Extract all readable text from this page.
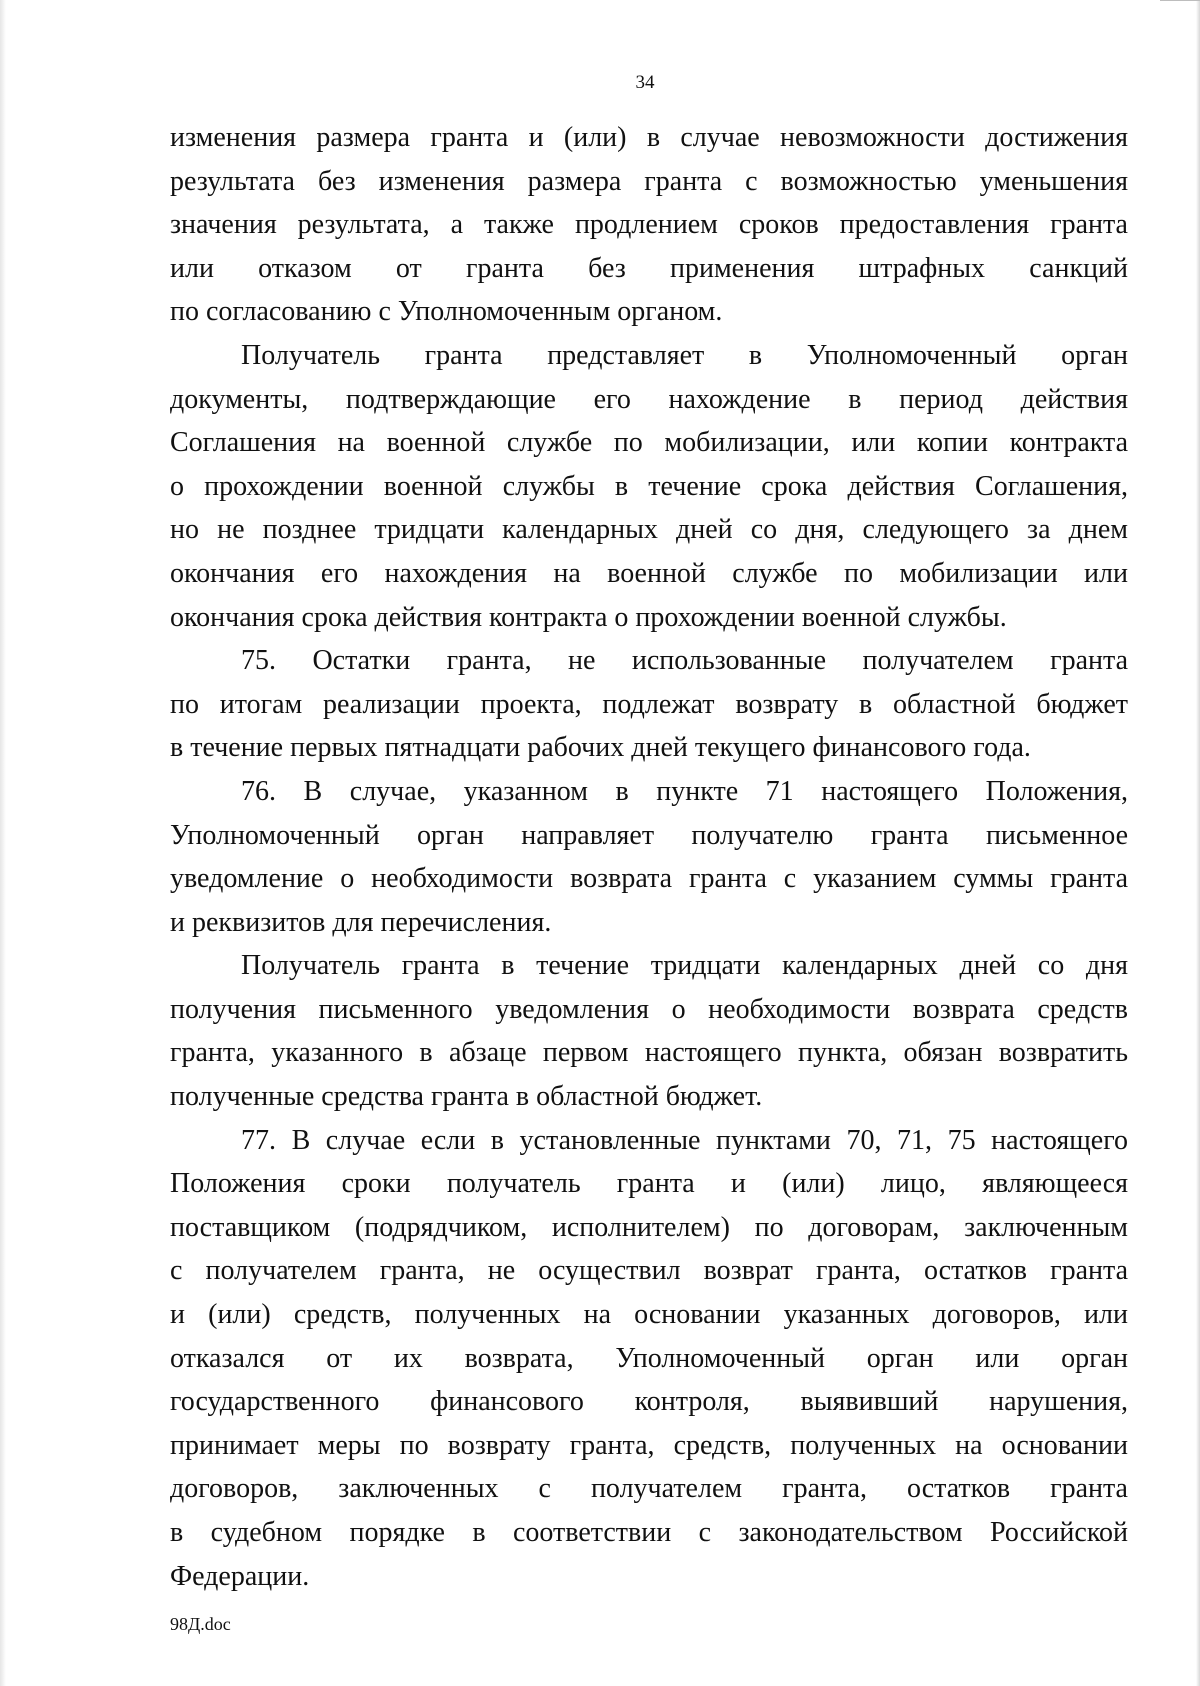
34
изменения размера гранта и (или) в случае невозможности достижения
результата без изменения размера гранта с возможностью уменьшения
значения результата, а также продлением сроков предоставления гранта
или отказом от гранта без применения штрафных санкций
по согласованию с Уполномоченным органом.
Получатель гранта представляет в Уполномоченный орган
документы, подтверждающие его нахождение в период действия
Соглашения на военной службе по мобилизации, или копии контракта
о прохождении военной службы в течение срока действия Соглашения,
но не позднее тридцати календарных дней со дня, следующего за днем
окончания его нахождения на военной службе по мобилизации или
окончания срока действия контракта о прохождении военной службы.
75. Остатки гранта, не использованные получателем гранта
по итогам реализации проекта, подлежат возврату в областной бюджет
в течение первых пятнадцати рабочих дней текущего финансового года.
76. В случае, указанном в пункте 71 настоящего Положения,
Уполномоченный орган направляет получателю гранта письменное
уведомление о необходимости возврата гранта с указанием суммы гранта
и реквизитов для перечисления.
Получатель гранта в течение тридцати календарных дней со дня
получения письменного уведомления о необходимости возврата средств
гранта, указанного в абзаце первом настоящего пункта, обязан возвратить
полученные средства гранта в областной бюджет.
77. В случае если в установленные пунктами 70, 71, 75 настоящего
Положения сроки получатель гранта и (или) лицо, являющееся
поставщиком (подрядчиком, исполнителем) по договорам, заключенным
с получателем гранта, не осуществил возврат гранта, остатков гранта
и (или) средств, полученных на основании указанных договоров, или
отказался от их возврата, Уполномоченный орган или орган
государственного финансового контроля, выявивший нарушения,
принимает меры по возврату гранта, средств, полученных на основании
договоров, заключенных с получателем гранта, остатков гранта
в судебном порядке в соответствии с законодательством Российской
Федерации.
98Д.doc
